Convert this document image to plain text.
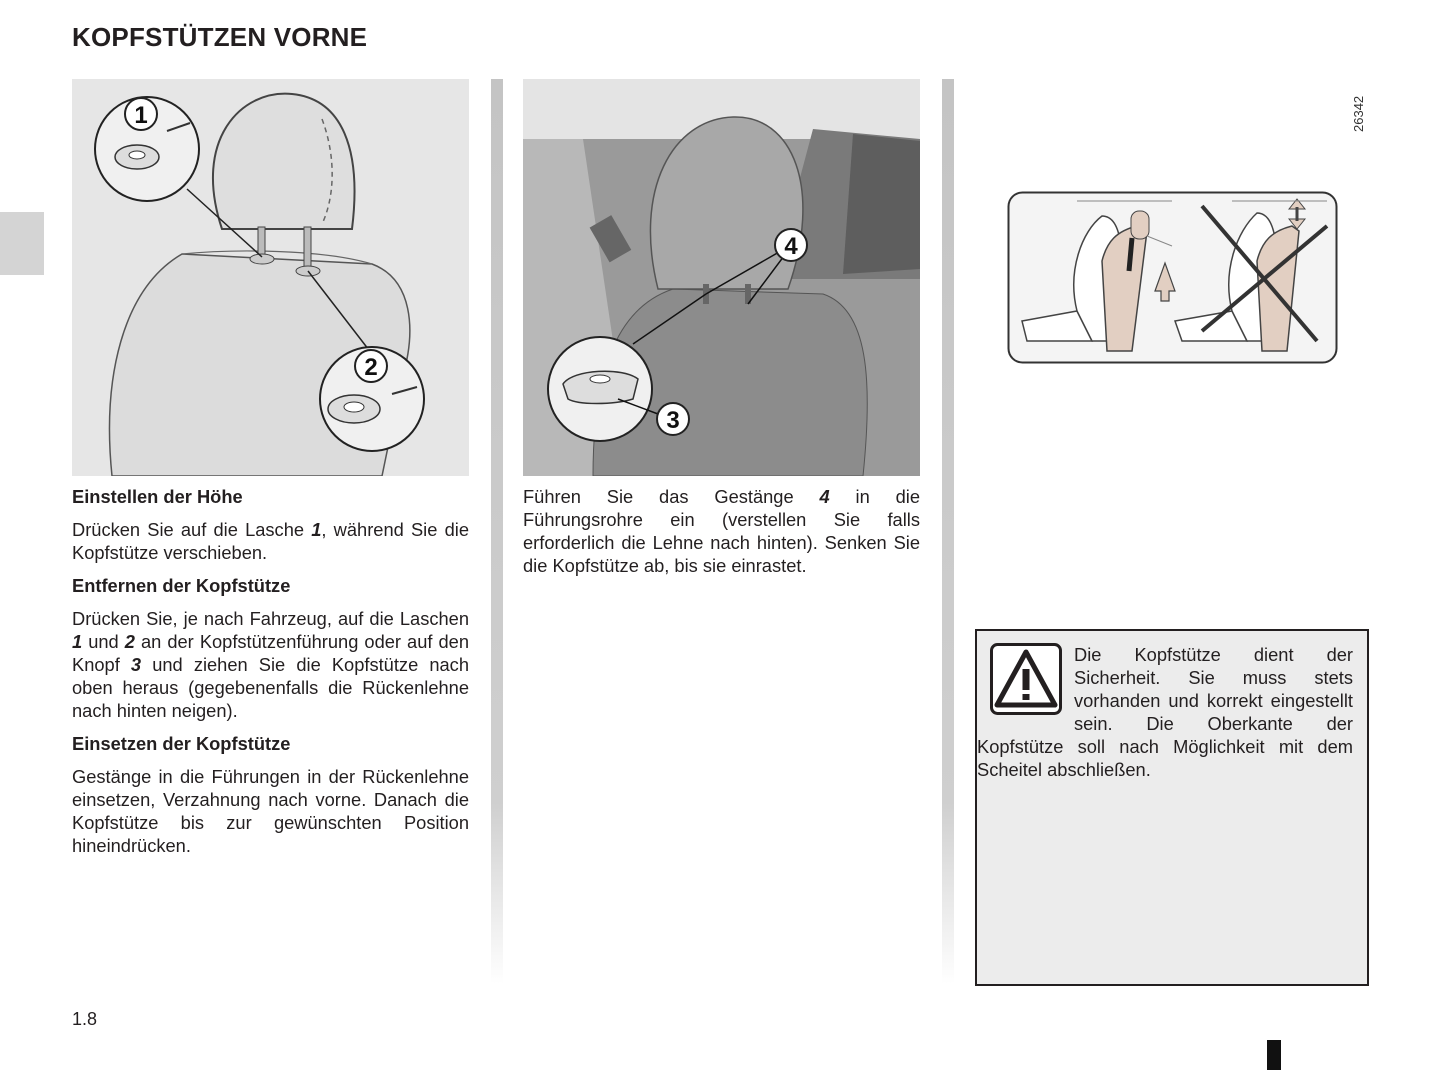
KOPFSTÜTZEN VORNE
1
2
4
3
26342
Einstellen der Höhe

Drücken Sie auf die Lasche 1, während Sie die Kopfstütze verschieben.

Entfernen der Kopfstütze

Drücken Sie, je nach Fahrzeug, auf die Laschen 1 und 2 an der Kopfstützenführung oder auf den Knopf 3 und ziehen Sie die Kopfstütze nach oben heraus (gegebenenfalls die Rückenlehne nach hinten neigen).

Einsetzen der Kopfstütze

Gestänge in die Führungen in der Rückenlehne einsetzen, Verzahnung nach vorne. Danach die Kopfstütze bis zur gewünschten Position hineindrücken.

Führen Sie das Gestänge 4 in die Führungsrohre ein (verstellen Sie falls erforderlich die Lehne nach hinten). Senken Sie die Kopfstütze ab, bis sie einrastet.

Die Kopfstütze dient der Sicherheit. Sie muss stets vorhanden und korrekt eingestellt sein. Die Oberkante der Kopfstütze soll nach Möglichkeit mit dem Scheitel abschließen.
1.8
